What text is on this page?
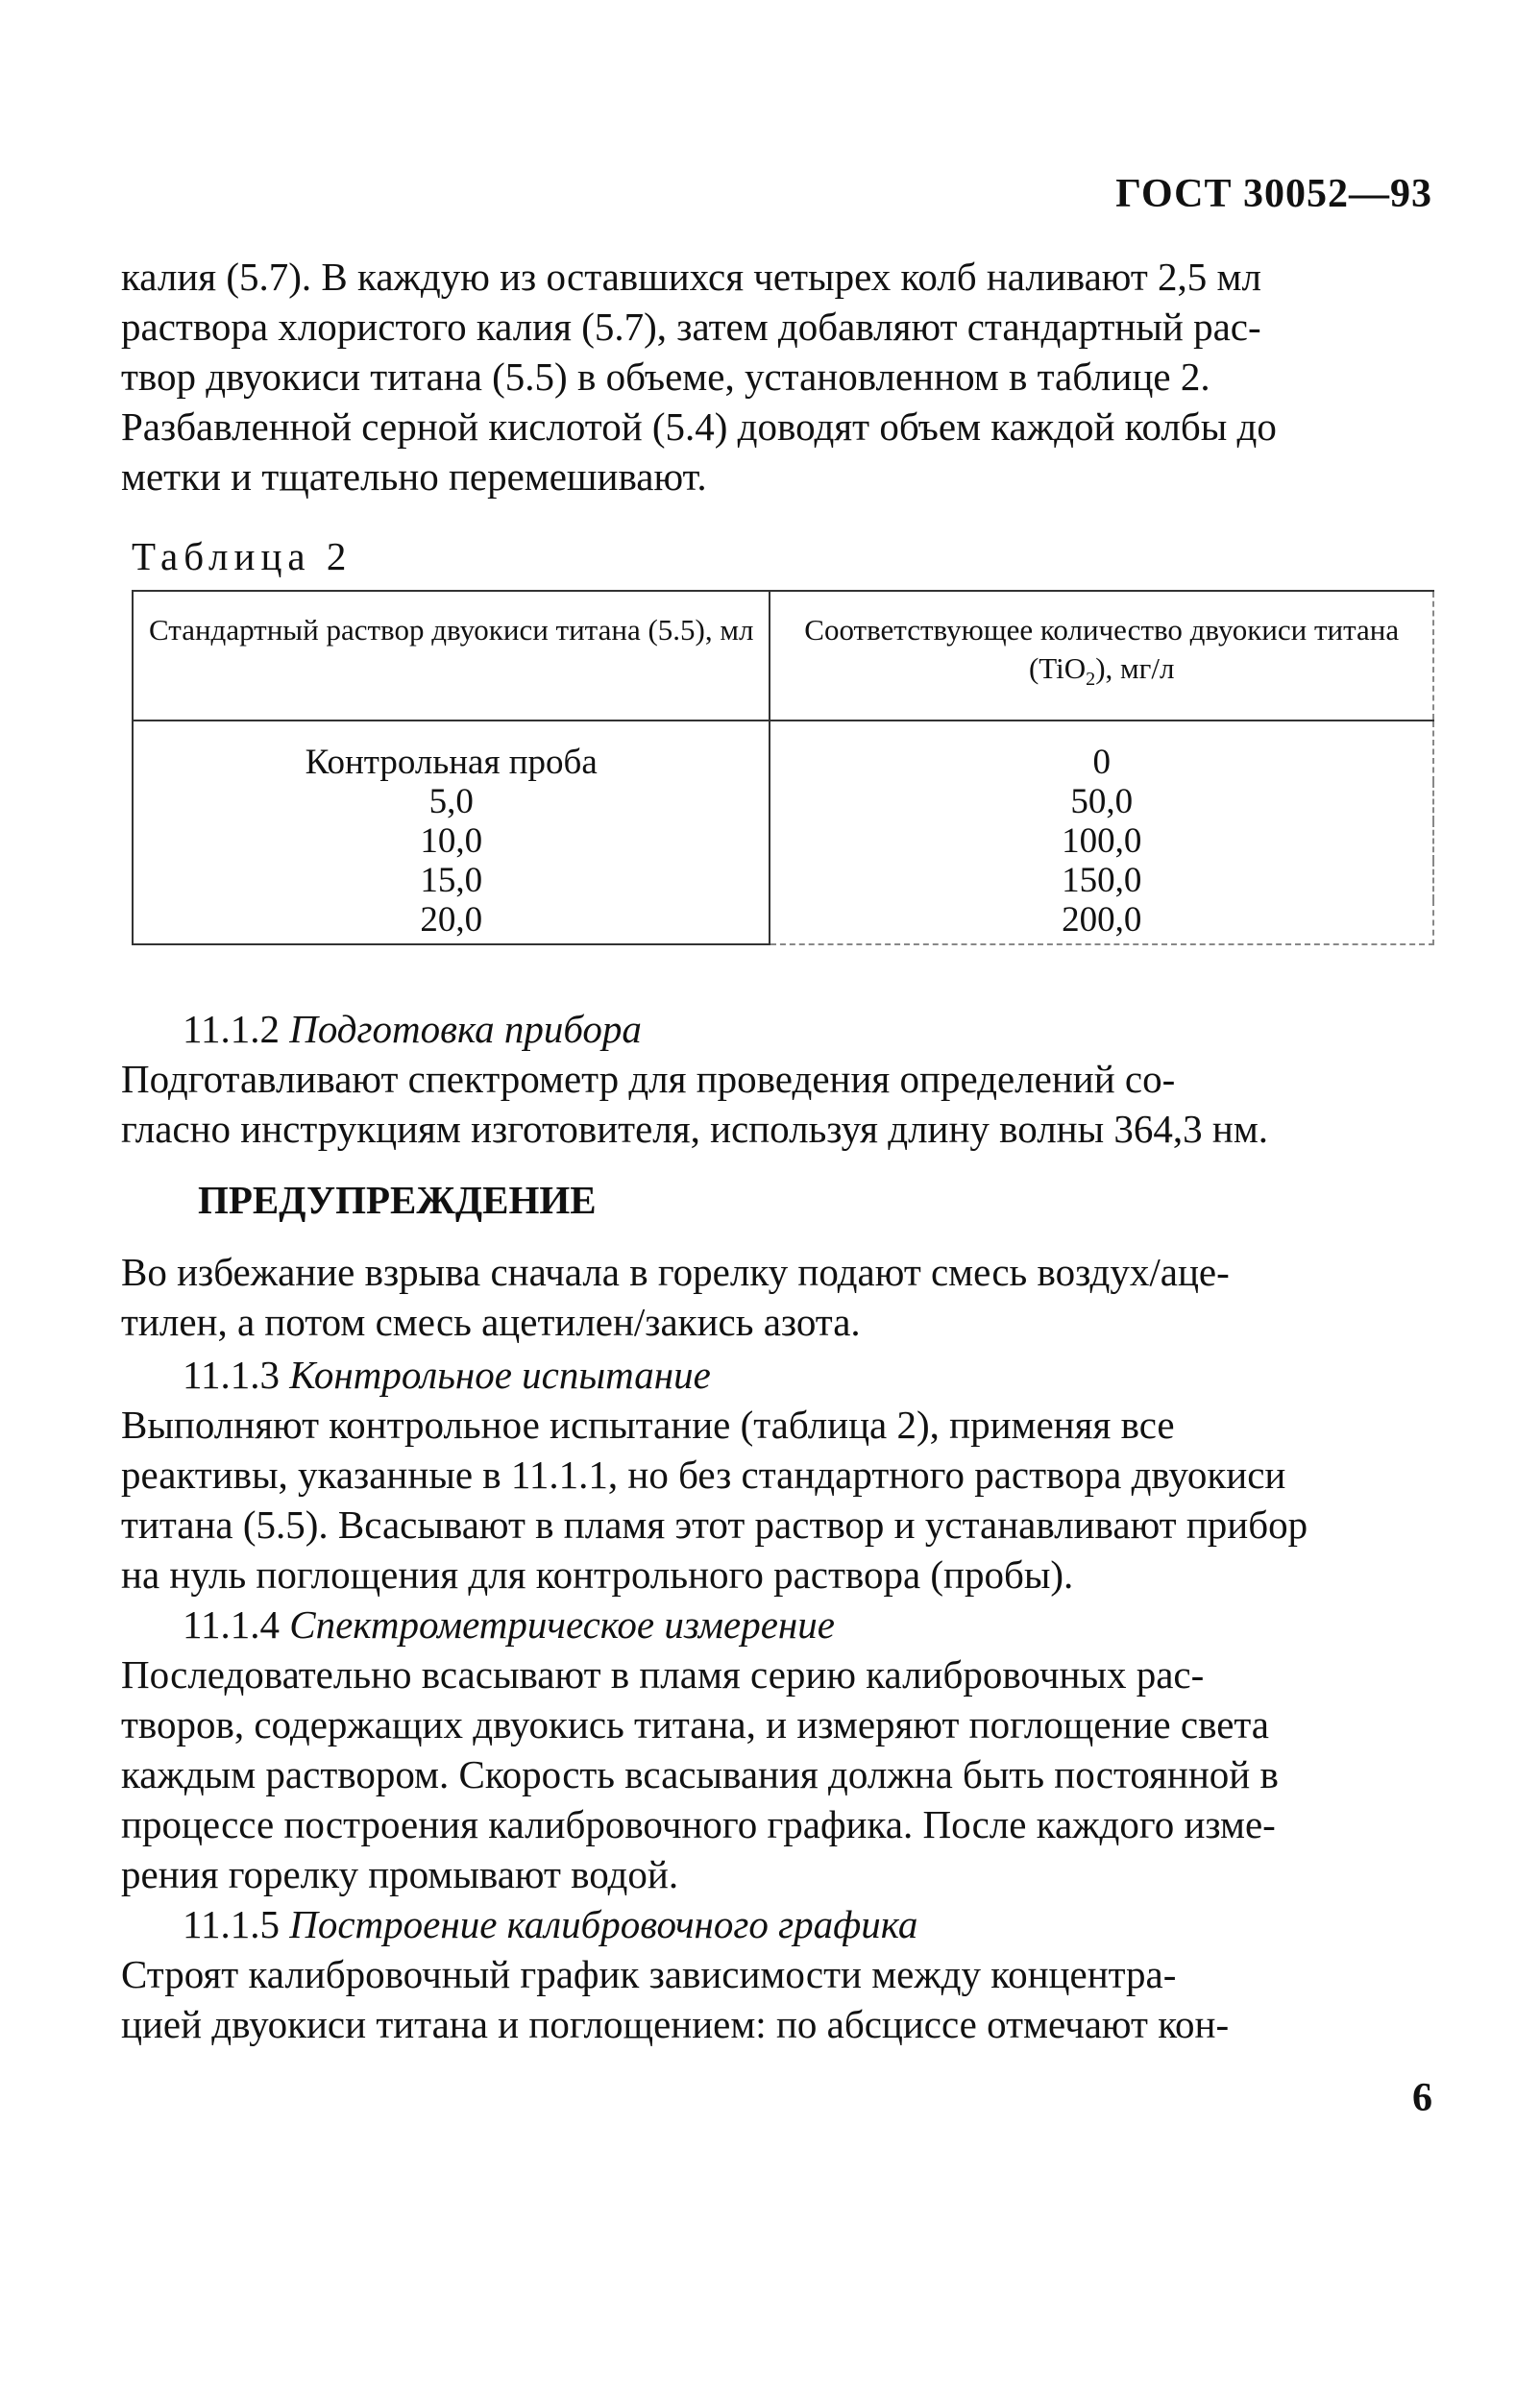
ГОСТ 30052—93

калия (5.7). В каждую из оставшихся четырех колб наливают 2,5 мл

раствора хлористого калия (5.7), затем добавляют стандартный рас-

твор двуокиси титана (5.5) в объеме, установленном в таблице 2.

Разбавленной серной кислотой (5.4) доводят объем каждой колбы до

метки и тщательно перемешивают.

Таблица 2
Стандартный раствор двуокиси титана (5.5), мл	Соответствующее количество двуокиси титана (TiO$_2$), мг/л
Контрольная проба	0
5,0	50,0
10,0	100,0
15,0	150,0
20,0	200,0

11.1.2 Подготовка прибора

Подготавливают спектрометр для проведения определений со-

гласно инструкциям изготовителя, используя длину волны 364,3 нм.

ПРЕДУПРЕЖДЕНИЕ

Во избежание взрыва сначала в горелку подают смесь воздух/аце-

тилен, а потом смесь ацетилен/закись азота.

11.1.3 Контрольное испытание

Выполняют контрольное испытание (таблица 2), применяя все

реактивы, указанные в 11.1.1, но без стандартного раствора двуокиси

титана (5.5). Всасывают в пламя этот раствор и устанавливают прибор

на нуль поглощения для контрольного раствора (пробы).

11.1.4 Спектрометрическое измерение

Последовательно всасывают в пламя серию калибровочных рас-

творов, содержащих двуокись титана, и измеряют поглощение света

каждым раствором. Скорость всасывания должна быть постоянной в

процессе построения калибровочного графика. После каждого изме-

рения горелку промывают водой.

11.1.5 Построение калибровочного графика

Строят калибровочный график зависимости между концентра-

цией двуокиси титана и поглощением: по абсциссе отмечают кон-

6
